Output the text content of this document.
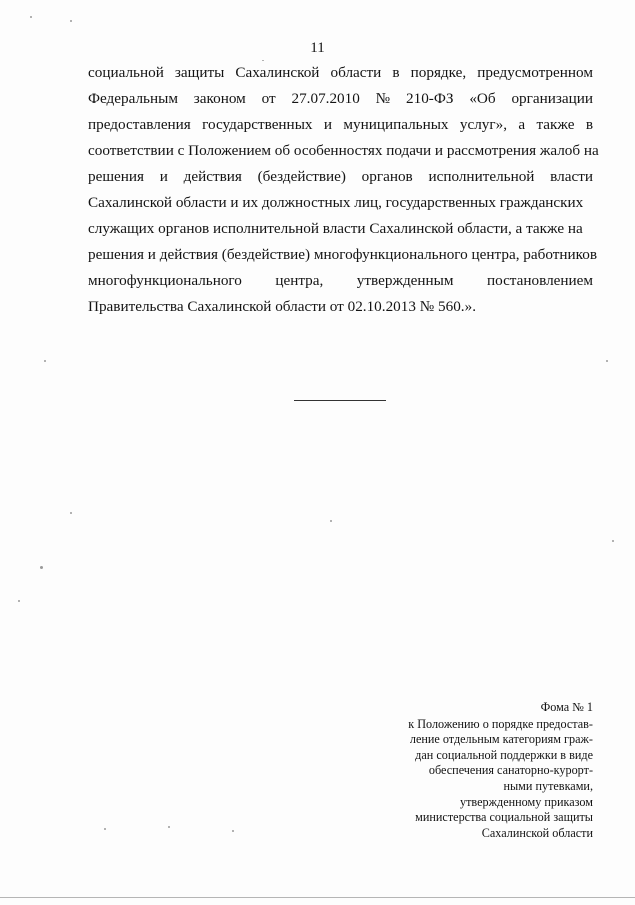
11
социальной защиты Сахалинской области в порядке, предусмотренном
Федеральным законом от 27.07.2010 № 210-ФЗ «Об организации
предоставления государственных и муниципальных услуг», а также в
соответствии с Положением об особенностях подачи и рассмотрения жалоб на
решения и действия (бездействие) органов исполнительной власти
Сахалинской области и их должностных лиц, государственных гражданских
служащих органов исполнительной власти Сахалинской области, а также на
решения и действия (бездействие) многофункционального центра, работников
многофункционального центра, утвержденным постановлением
Правительства Сахалинской области от 02.10.2013 № 560.».
Фома № 1
к Положению о порядке предостав-
ление отдельным категориям граж-
дан социальной поддержки в виде
обеспечения санаторно-курорт-
ными путевками,
утвержденному приказом
министерства социальной защиты
Сахалинской области
